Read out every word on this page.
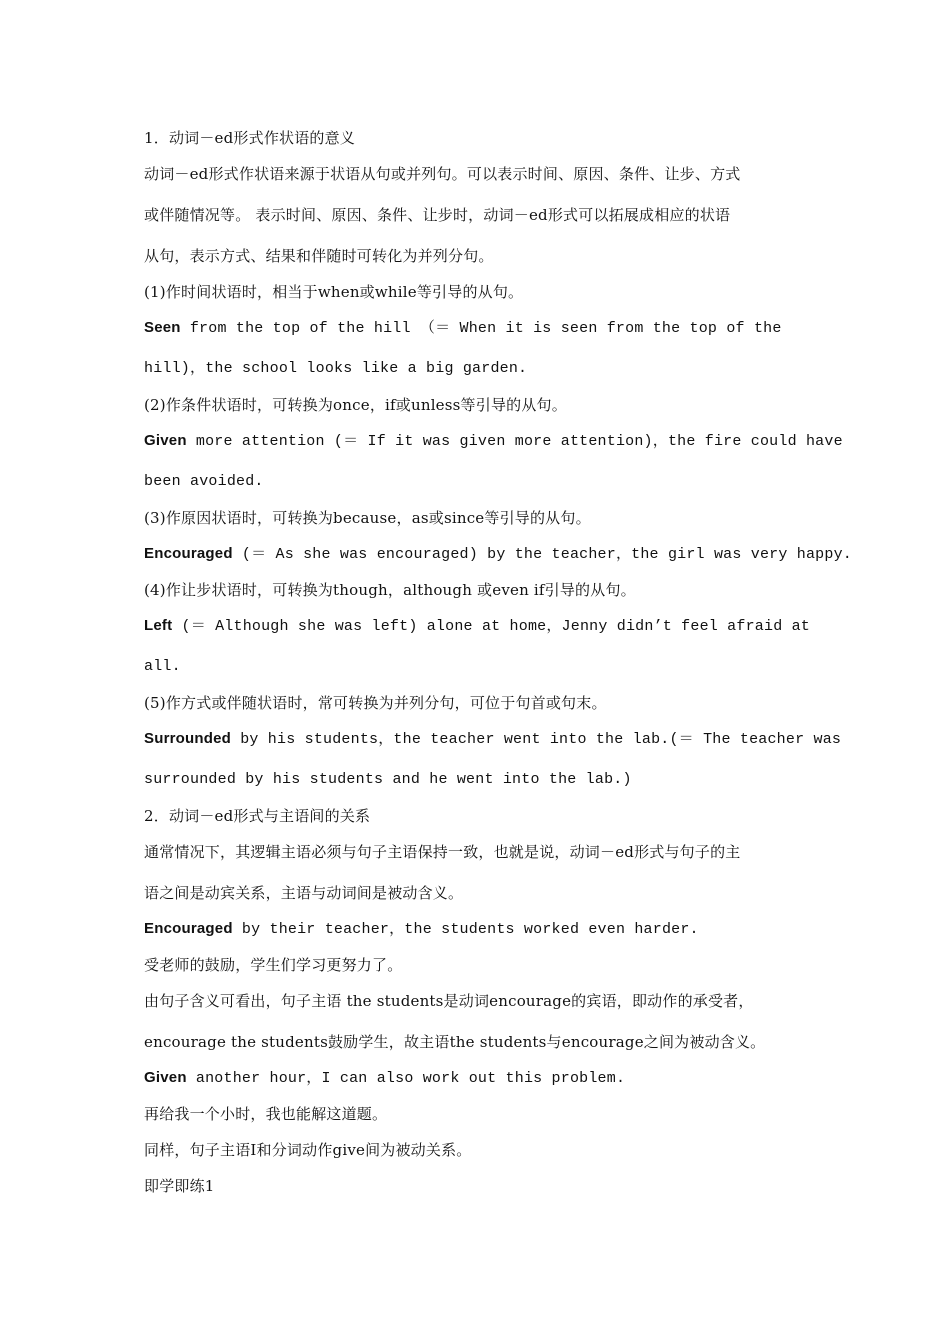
1．动词－ed形式作状语的意义
动词－ed形式作状语来源于状语从句或并列句。可以表示时间、原因、条件、让步、方式
或伴随情况等。 表示时间、原因、条件、让步时，动词－ed形式可以拓展成相应的状语
从句，表示方式、结果和伴随时可转化为并列分句。
(1)作时间状语时，相当于when或while等引导的从句。
Seen from the top of the hill （＝ When it is seen from the top of the
hill)，the school looks like a big garden.
(2)作条件状语时，可转换为once，if或unless等引导的从句。
Given more attention (＝ If it was given more attention)，the fire could have
been avoided.
(3)作原因状语时，可转换为because，as或since等引导的从句。
Encouraged (＝ As she was encouraged) by the teacher，the girl was very happy.
(4)作让步状语时，可转换为though，although 或even if引导的从句。
Left (＝ Although she was left) alone at home，Jenny didn’t feel afraid at
all.
(5)作方式或伴随状语时，常可转换为并列分句，可位于句首或句末。
Surrounded by his students，the teacher went into the lab.(＝ The teacher was
surrounded by his students and he went into the lab.)
2．动词－ed形式与主语间的关系
通常情况下，其逻辑主语必须与句子主语保持一致，也就是说，动词－ed形式与句子的主
语之间是动宾关系，主语与动词间是被动含义。
Encouraged by their teacher，the students worked even harder.
受老师的鼓励，学生们学习更努力了。
由句子含义可看出，句子主语 the students是动词encourage的宾语，即动作的承受者，
encourage the students鼓励学生，故主语the students与encourage之间为被动含义。
Given another hour，I can also work out this problem.
再给我一个小时，我也能解这道题。
同样，句子主语I和分词动作give间为被动关系。
即学即练1
